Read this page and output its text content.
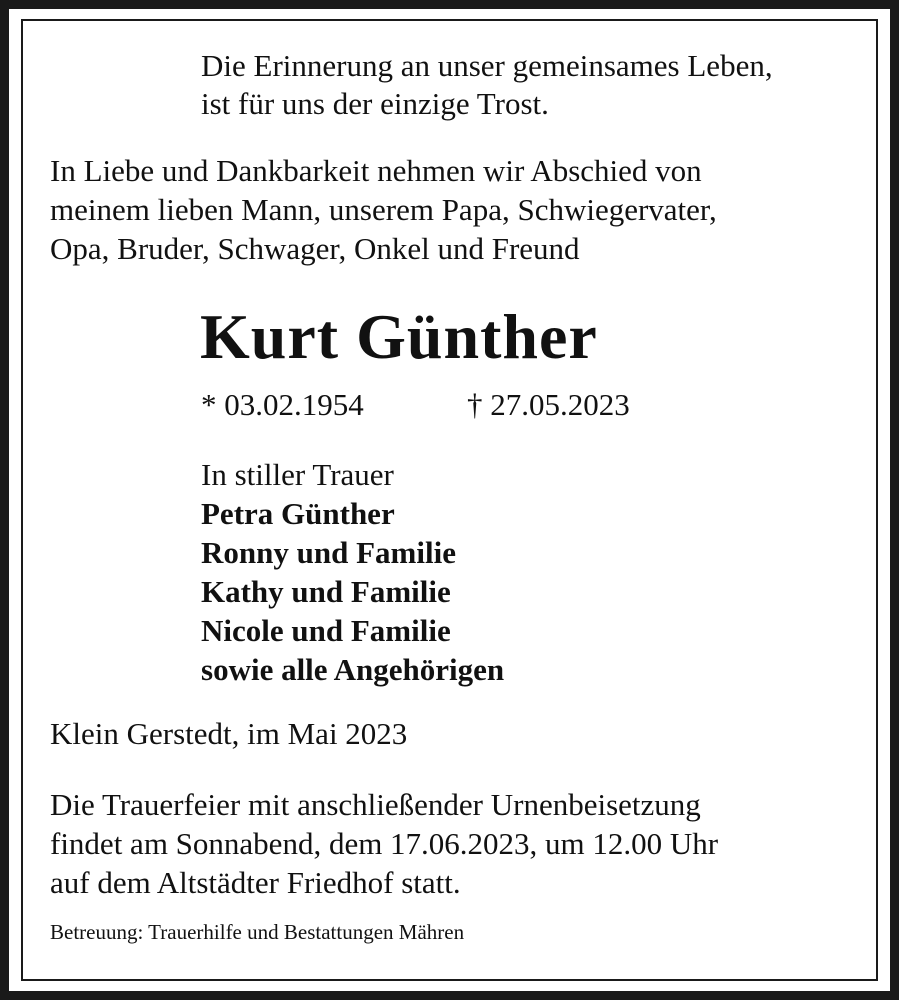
Die Erinnerung an unser gemeinsames Leben,
ist für uns der einzige Trost.
In Liebe und Dankbarkeit nehmen wir Abschied von
meinem lieben Mann, unserem Papa, Schwiegervater,
Opa, Bruder, Schwager, Onkel und Freund
Kurt Günther
* 03.02.1954	† 27.05.2023
In stiller Trauer
Petra Günther
Ronny und Familie
Kathy und Familie
Nicole und Familie
sowie alle Angehörigen
Klein Gerstedt, im Mai 2023
Die Trauerfeier mit anschließender Urnenbeisetzung
findet am Sonnabend, dem 17.06.2023, um 12.00 Uhr
auf dem Altstädter Friedhof statt.
Betreuung: Trauerhilfe und Bestattungen Mähren
